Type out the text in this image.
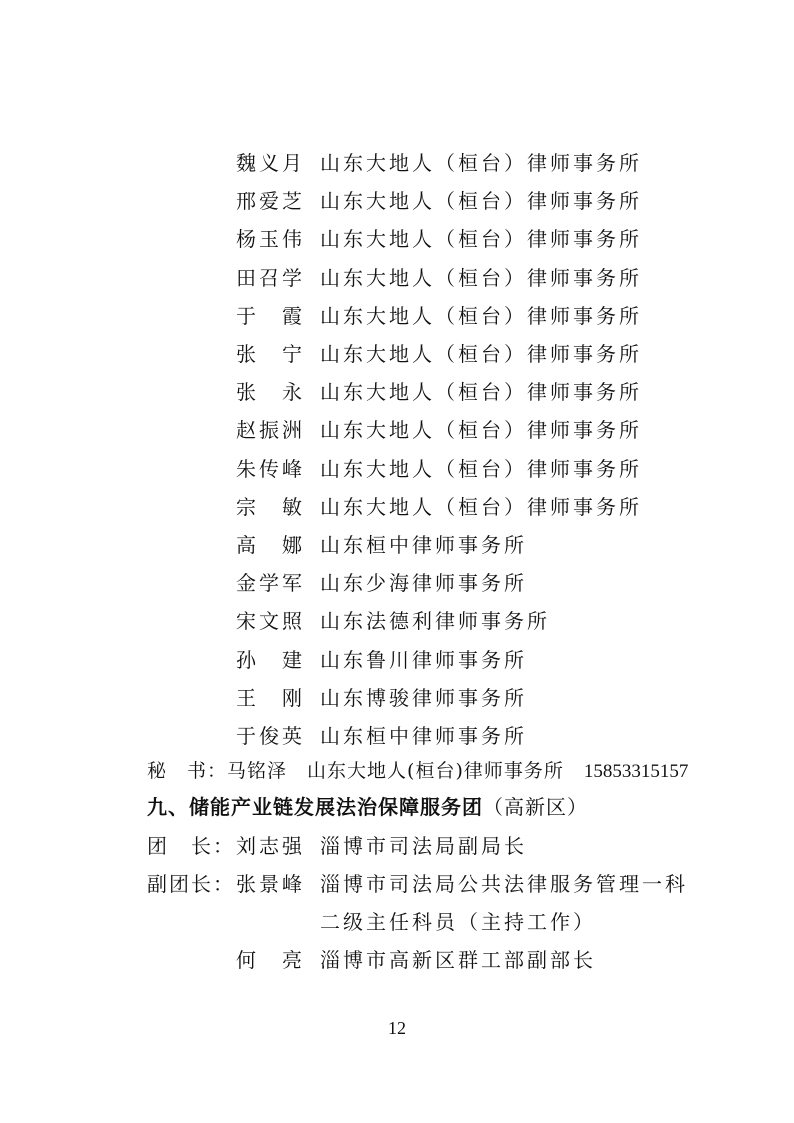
魏义月 山东大地人（桓台）律师事务所
邢爱芝 山东大地人（桓台）律师事务所
杨玉伟 山东大地人（桓台）律师事务所
田召学 山东大地人（桓台）律师事务所
于　霞 山东大地人（桓台）律师事务所
张　宁 山东大地人（桓台）律师事务所
张　永 山东大地人（桓台）律师事务所
赵振洲 山东大地人（桓台）律师事务所
朱传峰 山东大地人（桓台）律师事务所
宗　敏 山东大地人（桓台）律师事务所
高　娜 山东桓中律师事务所
金学军 山东少海律师事务所
宋文照 山东法德利律师事务所
孙　建 山东鲁川律师事务所
王　刚 山东博骏律师事务所
于俊英 山东桓中律师事务所
秘　书：马铭泽　 山东大地人(桓台)律师事务所　 15853315157
九、储能产业链发展法治保障服务团（高新区）
团　长： 刘志强 淄博市司法局副局长
副团长： 张景峰 淄博市司法局公共法律服务管理一科
二级主任科员（主持工作）
何　亮 淄博市高新区群工部副部长
12
